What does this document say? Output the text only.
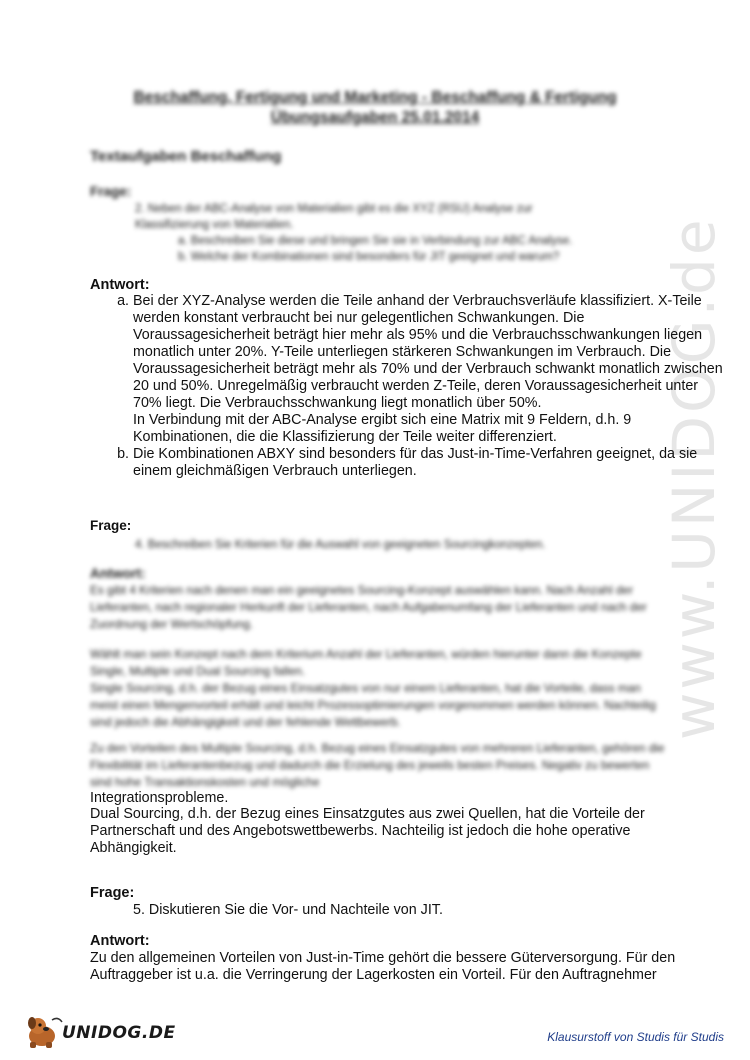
www.UNIDOG.de
Beschaffung, Fertigung und Marketing - Beschaffung & Fertigung
Übungsaufgaben 25.01.2014
Textaufgaben Beschaffung
Frage:
2. Neben der ABC-Analyse von Materialien gibt es die XYZ (RSU) Analyse zur
Klassifizierung von Materialien.
a. Beschreiben Sie diese und bringen Sie sie in Verbindung zur ABC Analyse.
b. Welche der Kombinationen sind besonders für JIT geeignet und warum?
Antwort:
a. Bei der XYZ-Analyse werden die Teile anhand der Verbrauchsverläufe klassifiziert. X-Teile werden konstant verbraucht bei nur gelegentlichen Schwankungen. Die Voraussagesicherheit beträgt hier mehr als 95% und die Verbrauchsschwankungen liegen monatlich unter 20%. Y-Teile unterliegen stärkeren Schwankungen im Verbrauch. Die Voraussagesicherheit beträgt mehr als 70% und der Verbrauch schwankt monatlich zwischen 20 und 50%. Unregelmäßig verbraucht werden Z-Teile, deren Voraussagesicherheit unter 70% liegt. Die Verbrauchsschwankung liegt monatlich über 50%.
In Verbindung mit der ABC-Analyse ergibt sich eine Matrix mit 9 Feldern, d.h. 9 Kombinationen, die die Klassifizierung der Teile weiter differenziert.
b. Die Kombinationen ABXY sind besonders für das Just-in-Time-Verfahren geeignet, da sie einem gleichmäßigen Verbrauch unterliegen.
Frage:
4. Beschreiben Sie Kriterien für die Auswahl von geeigneten Sourcingkonzepten.
Antwort:
Es gibt 4 Kriterien nach denen man ein geeignetes Sourcing-Konzept auswählen kann. Nach Anzahl der Lieferanten, nach regionaler Herkunft der Lieferanten, nach Aufgabenumfang der Lieferanten und nach der Zuordnung der Wertschöpfung.
Wählt man sein Konzept nach dem Kriterium Anzahl der Lieferanten, würden hierunter dann die Konzepte Single, Multiple und Dual Sourcing fallen.
Single Sourcing, d.h. der Bezug eines Einsatzgutes von nur einem Lieferanten, hat die Vorteile, dass man meist einen Mengenvorteil erhält und leicht Prozessoptimierungen vorgenommen werden können. Nachteilig sind jedoch die Abhängigkeit und der fehlende Wettbewerb.
Zu den Vorteilen des Multiple Sourcing, d.h. Bezug eines Einsatzgutes von mehreren Lieferanten, gehören die Flexibilität im Lieferantenbezug und dadurch die Erzielung des jeweils besten Preises. Negativ zu bewerten sind hohe Transaktionskosten und mögliche
Integrationsprobleme.
Dual Sourcing, d.h. der Bezug eines Einsatzgutes aus zwei Quellen, hat die Vorteile der Partnerschaft und des Angebotswettbewerbs. Nachteilig ist jedoch die hohe operative Abhängigkeit.
Frage:
5. Diskutieren Sie die Vor- und Nachteile von JIT.
Antwort:
Zu den allgemeinen Vorteilen von Just-in-Time gehört die bessere Güterversorgung. Für den Auftraggeber ist u.a. die Verringerung der Lagerkosten ein Vorteil. Für den Auftragnehmer
UNIDOG.DE	Klausurstoff von Studis für Studis
